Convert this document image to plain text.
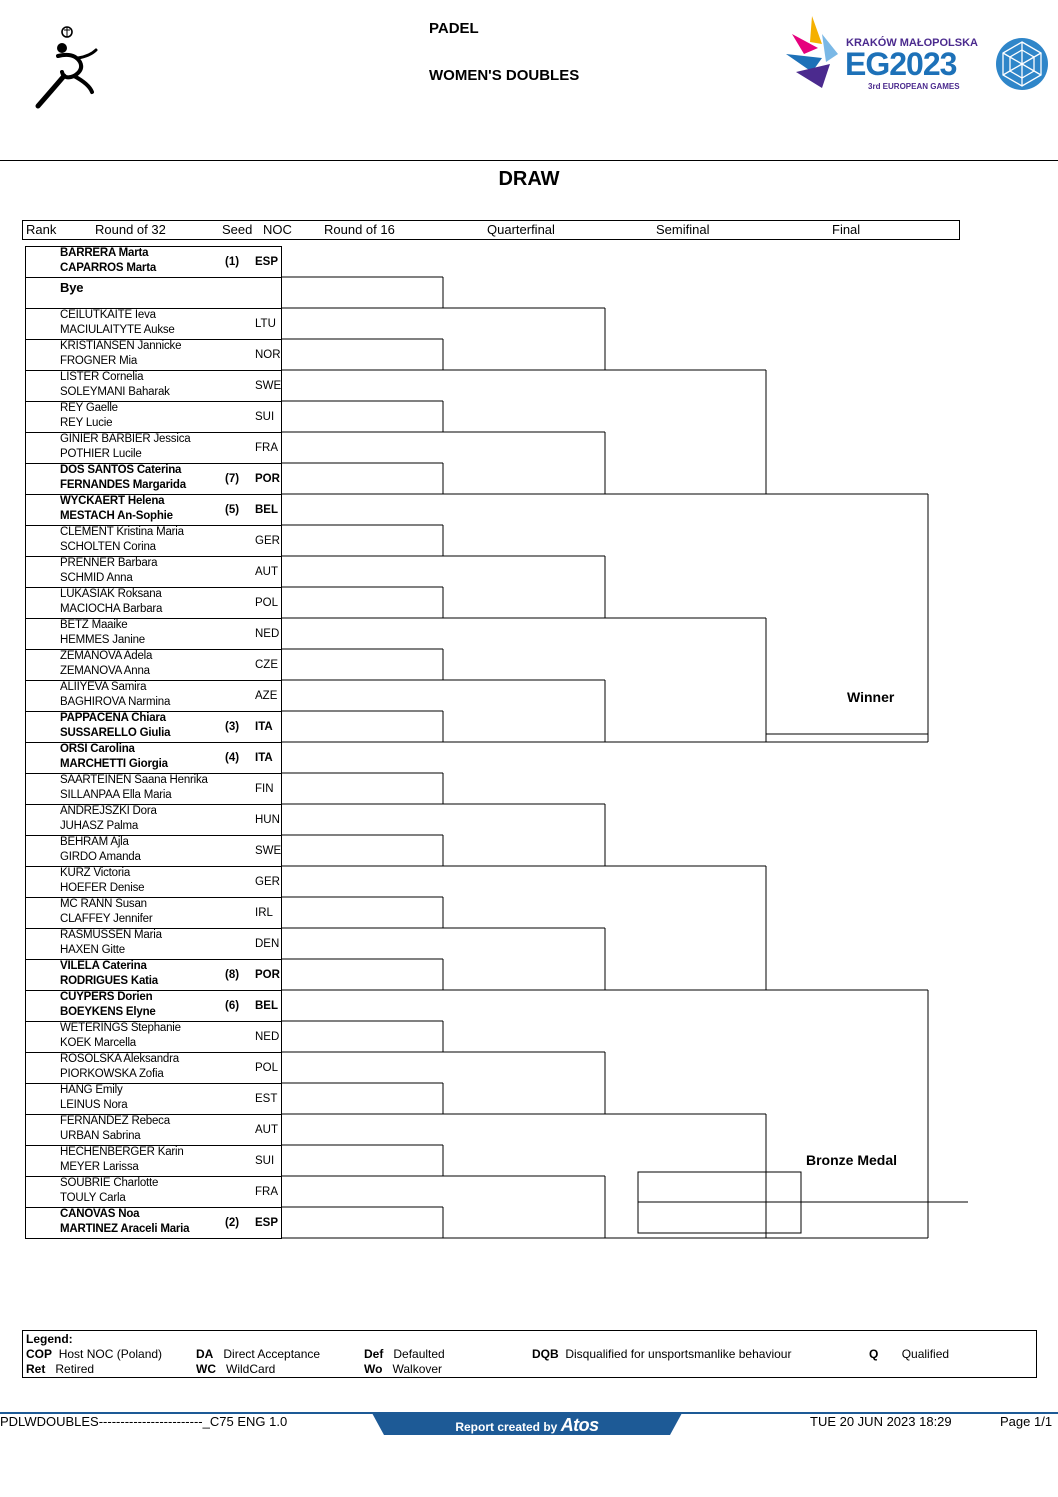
PADEL
WOMEN'S DOUBLES
KRAKÓW MAŁOPOLSKA
EG2023
3rd EUROPEAN GAMES
DRAW
Rank	Round of 32	Seed NOC Round of 16	Quarterfinal	Semifinal	Final
BARRERA Marta
CAPARROS Marta	(1) ESP
Bye
CEILUTKAITE Ieva
MACIULAITYTE Aukse	LTU
KRISTIANSEN Jannicke
FROGNER Mia	NOR
LISTER Cornelia
SOLEYMANI Baharak	SWE
REY Gaelle
REY Lucie	SUI
GINIER BARBIER Jessica
POTHIER Lucile	FRA
DOS SANTOS Caterina
FERNANDES Margarida	(7) POR
WYCKAERT Helena
MESTACH An-Sophie	(5) BEL
CLEMENT Kristina Maria
SCHOLTEN Corina	GER
PRENNER Barbara
SCHMID Anna	AUT
LUKASIAK Roksana
MACIOCHA Barbara	POL
BETZ Maaike
HEMMES Janine	NED
ZEMANOVA Adela
ZEMANOVA Anna	CZE
ALIIYEVA Samira
BAGHIROVA Narmina	AZE
PAPPACENA Chiara
SUSSARELLO Giulia	(3) ITA
ORSI Carolina
MARCHETTI Giorgia	(4) ITA
SAARTEINEN Saana Henrika
SILLANPAA Ella Maria	FIN
ANDREJSZKI Dora
JUHASZ Palma	HUN
BEHRAM Ajla
GIRDO Amanda	SWE
KURZ Victoria
HOEFER Denise	GER
MC RANN Susan
CLAFFEY Jennifer	IRL
RASMUSSEN Maria
HAXEN Gitte	DEN
VILELA Caterina
RODRIGUES Katia	(8) POR
CUYPERS Dorien
BOEYKENS Elyne	(6) BEL
WETERINGS Stephanie
KOEK Marcella	NED
ROSOLSKA Aleksandra
PIORKOWSKA Zofia	POL
HANG Emily
LEINUS Nora	EST
FERNANDEZ Rebeca
URBAN Sabrina	AUT
HECHENBERGER Karin
MEYER Larissa	SUI
SOUBRIE Charlotte
TOULY Carla	FRA
CANOVAS Noa
MARTINEZ Araceli Maria	(2) ESP
Winner
Bronze Medal
Legend:
COP Host NOC (Poland)
Ret Retired
DA Direct Acceptance
WC WildCard
Def Defaulted
Wo Walkover
DQB Disqualified for unsportsmanlike behaviour	Q Qualified
PDLWDOUBLES------------------------_C75 ENG 1.0	Report created by Atos	TUE 20 JUN 2023 18:29	Page 1/1
